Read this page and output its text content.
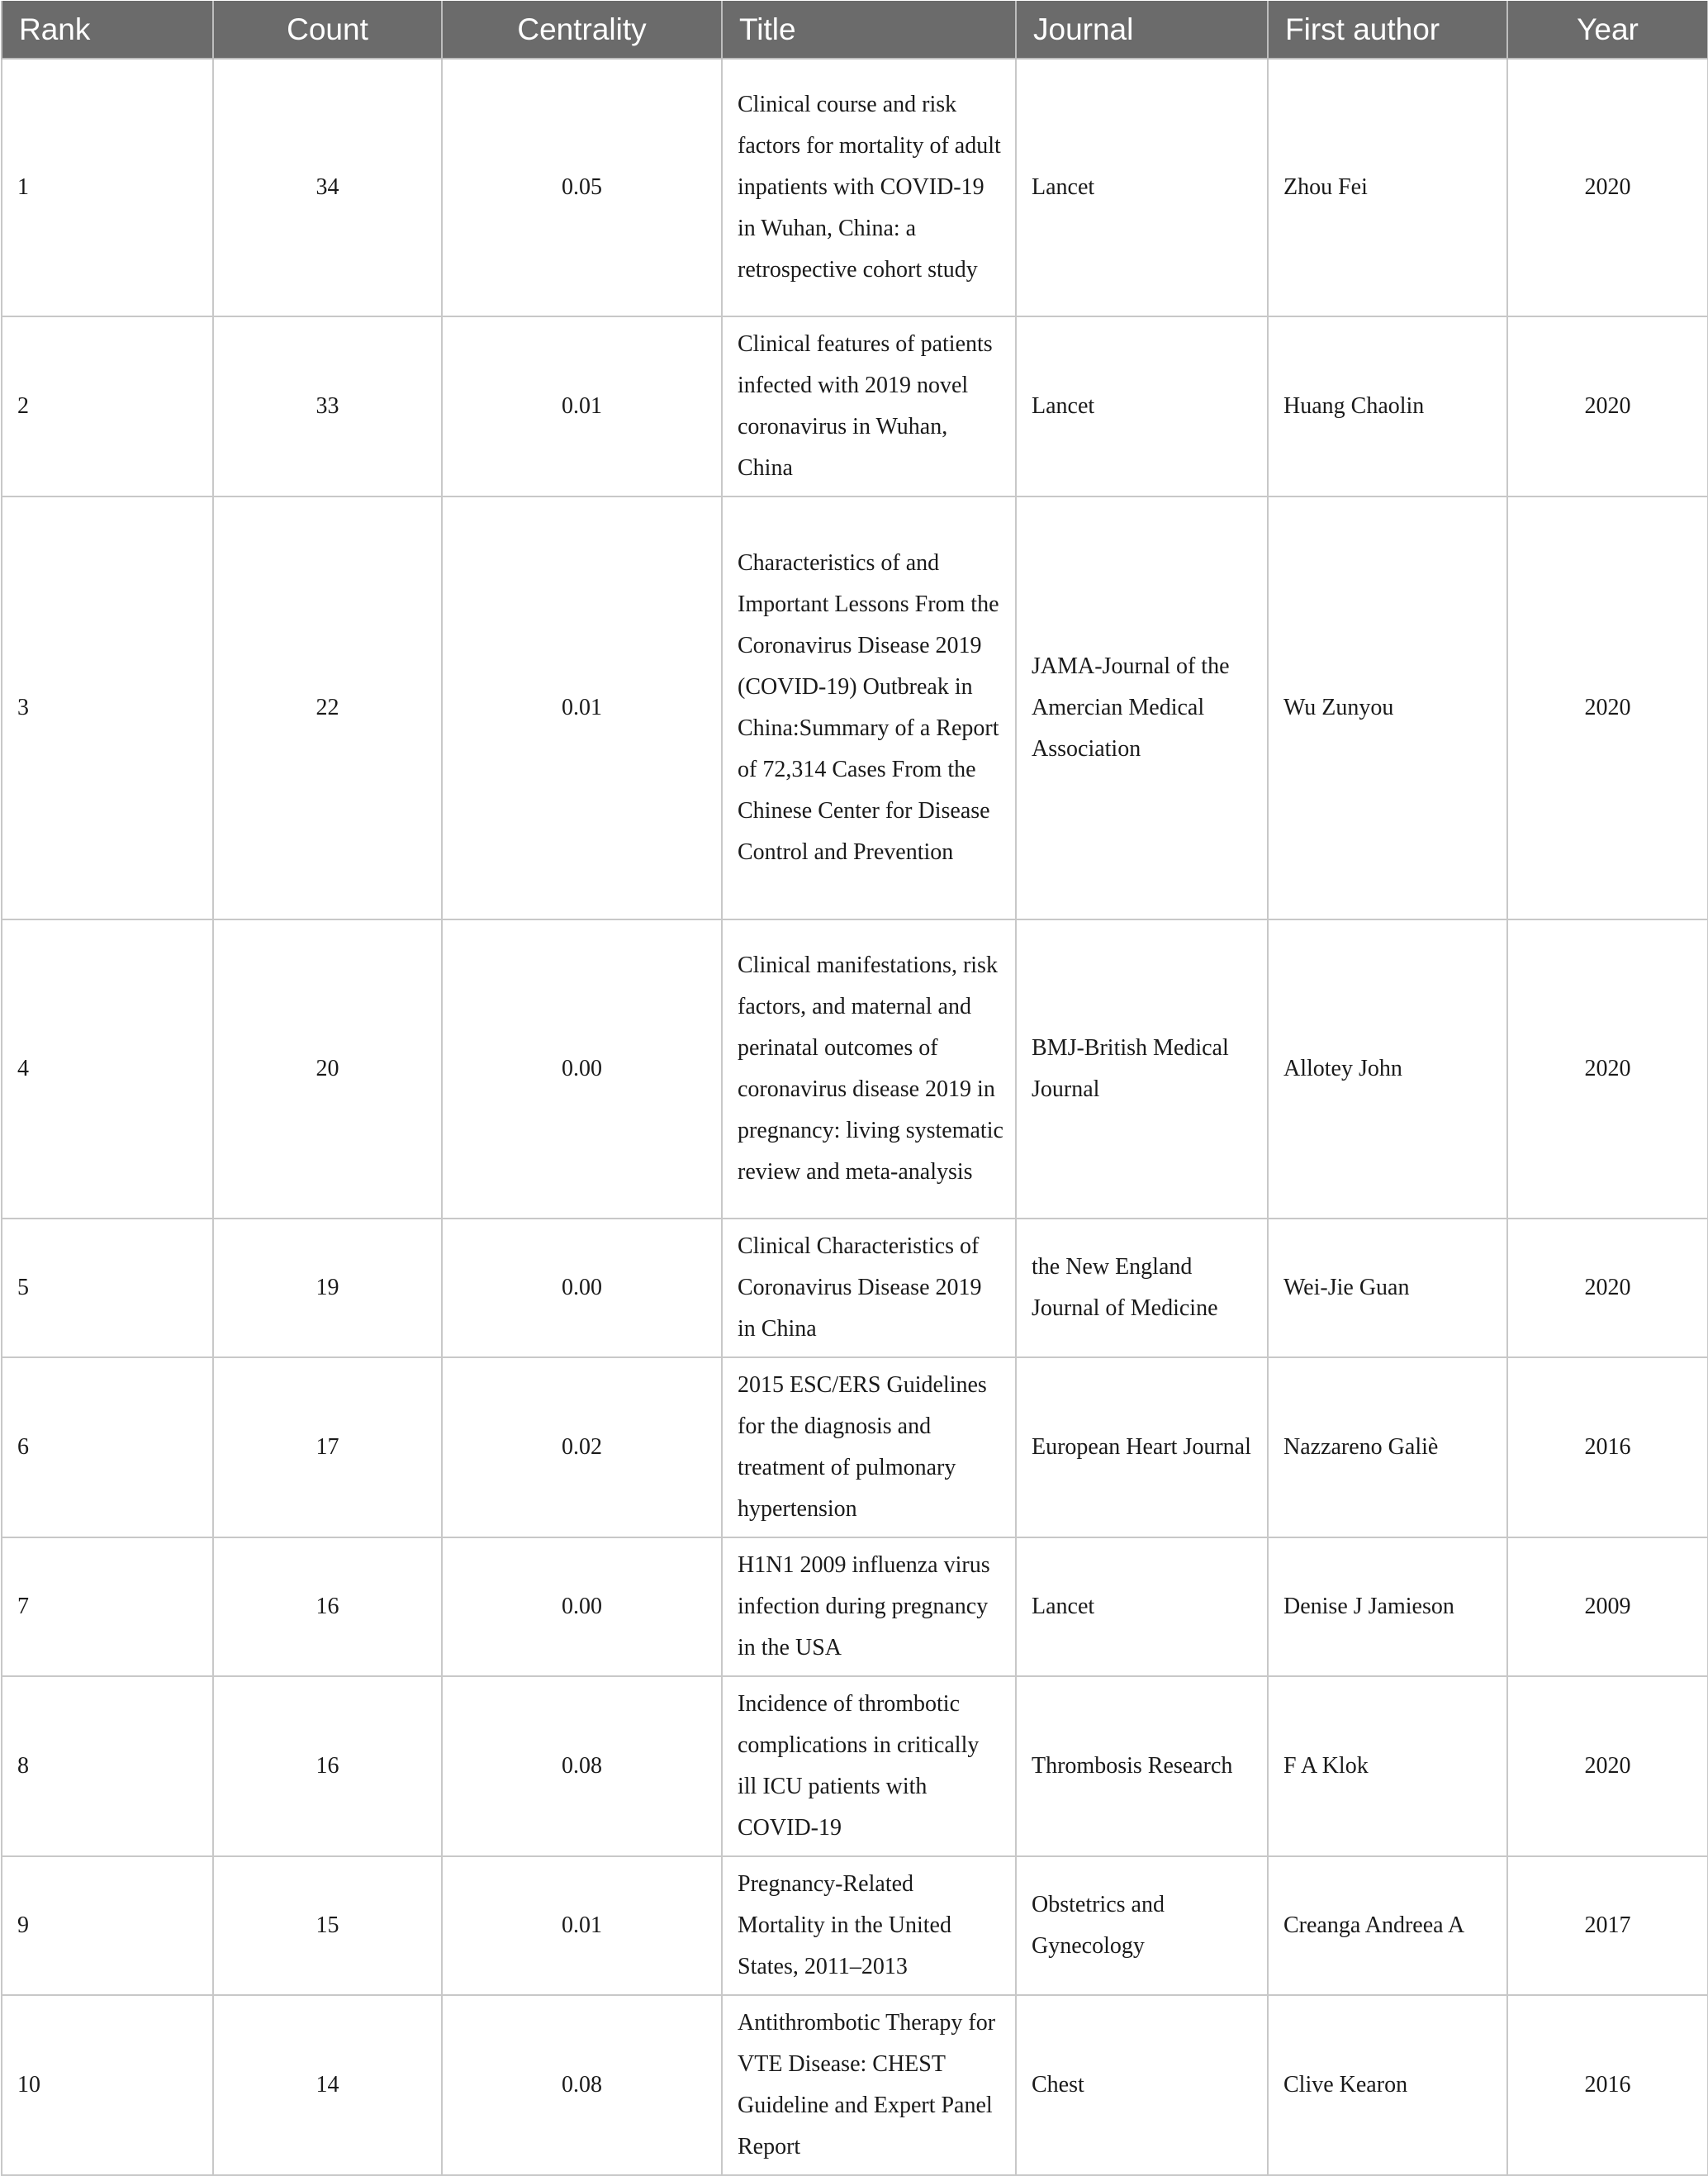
Rank	Count	Centrality	Title	Journal	First author	Year
1	34	0.05	Clinical course and risk factors for mortality of adult inpatients with COVID-19 in Wuhan, China: a retrospective cohort study	Lancet	Zhou Fei	2020
2	33	0.01	Clinical features of patients infected with 2019 novel coronavirus in Wuhan, China	Lancet	Huang Chaolin	2020
3	22	0.01	Characteristics of and Important Lessons From the Coronavirus Disease 2019 (COVID-19) Outbreak in China:Summary of a Report of 72,314 Cases From the Chinese Center for Disease Control and Prevention	JAMA-Journal of the Amercian Medical Association	Wu Zunyou	2020
4	20	0.00	Clinical manifestations, risk factors, and maternal and perinatal outcomes of coronavirus disease 2019 in pregnancy: living systematic review and meta-analysis	BMJ-British Medical Journal	Allotey John	2020
5	19	0.00	Clinical Characteristics of Coronavirus Disease 2019 in China	the New England Journal of Medicine	Wei-Jie Guan	2020
6	17	0.02	2015 ESC/ERS Guidelines for the diagnosis and treatment of pulmonary hypertension	European Heart Journal	Nazzareno Galiè	2016
7	16	0.00	H1N1 2009 influenza virus infection during pregnancy in the USA	Lancet	Denise J Jamieson	2009
8	16	0.08	Incidence of thrombotic complications in critically ill ICU patients with COVID-19	Thrombosis Research	F A Klok	2020
9	15	0.01	Pregnancy-Related Mortality in the United States, 2011–2013	Obstetrics and Gynecology	Creanga Andreea A	2017
10	14	0.08	Antithrombotic Therapy for VTE Disease: CHEST Guideline and Expert Panel Report	Chest	Clive Kearon	2016
